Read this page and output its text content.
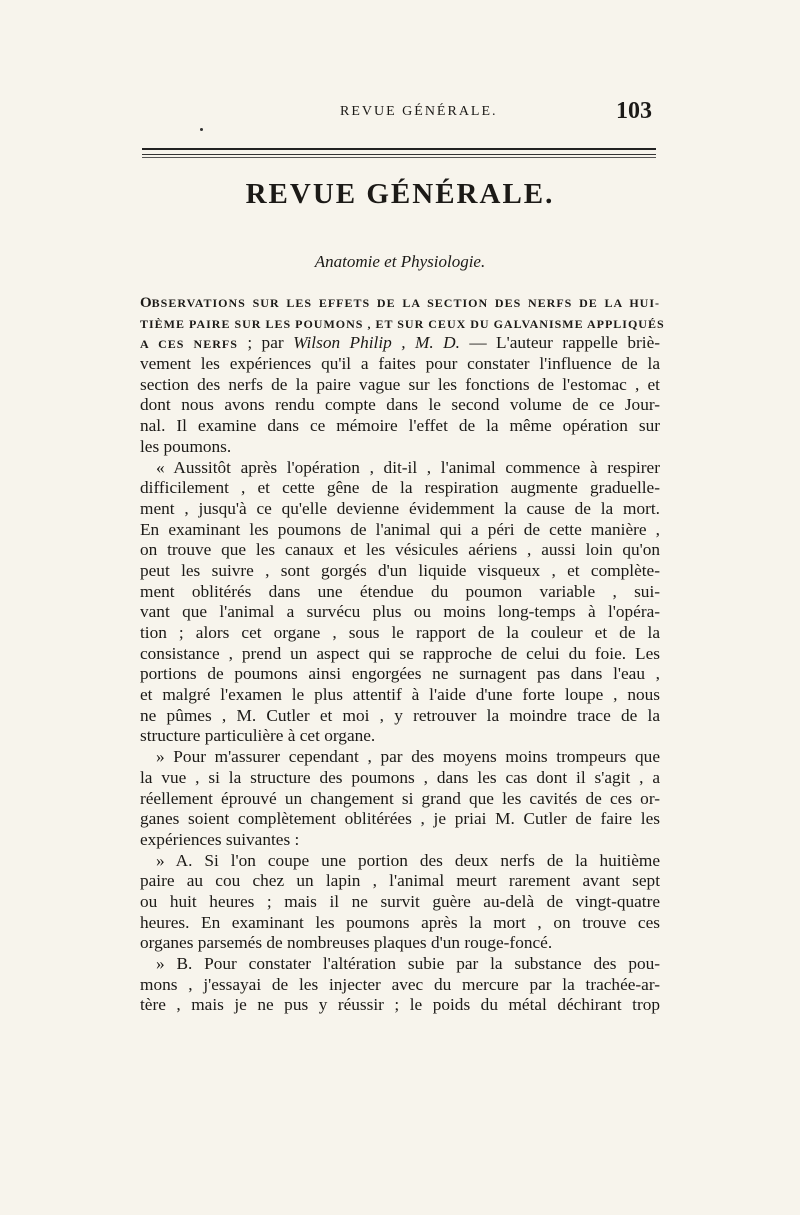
REVUE GÉNÉRALE.	103
REVUE GÉNÉRALE.
Anatomie et Physiologie.
OBSERVATIONS SUR LES EFFETS DE LA SECTION DES NERFS DE LA HUI-
TIÈME PAIRE SUR LES POUMONS , ET SUR CEUX DU GALVANISME APPLIQUÉS
A CES NERFS ; par Wilson Philip , M. D. — L'auteur rappelle briè-
vement les expériences qu'il a faites pour constater l'influence de la
section des nerfs de la paire vague sur les fonctions de l'estomac , et
dont nous avons rendu compte dans le second volume de ce Jour-
nal. Il examine dans ce mémoire l'effet de la même opération sur
les poumons.
« Aussitôt après l'opération , dit-il , l'animal commence à respirer
difficilement , et cette gêne de la respiration augmente graduelle-
ment , jusqu'à ce qu'elle devienne évidemment la cause de la mort.
En examinant les poumons de l'animal qui a péri de cette manière ,
on trouve que les canaux et les vésicules aériens , aussi loin qu'on
peut les suivre , sont gorgés d'un liquide visqueux , et complète-
ment oblitérés dans une étendue du poumon variable , sui-
vant que l'animal a survécu plus ou moins long-temps à l'opéra-
tion ; alors cet organe , sous le rapport de la couleur et de la
consistance , prend un aspect qui se rapproche de celui du foie. Les
portions de poumons ainsi engorgées ne surnagent pas dans l'eau ,
et malgré l'examen le plus attentif à l'aide d'une forte loupe , nous
ne pûmes , M. Cutler et moi , y retrouver la moindre trace de la
structure particulière à cet organe.
» Pour m'assurer cependant , par des moyens moins trompeurs que
la vue , si la structure des poumons , dans les cas dont il s'agit , a
réellement éprouvé un changement si grand que les cavités de ces or-
ganes soient complètement oblitérées , je priai M. Cutler de faire les
expériences suivantes :
» A. Si l'on coupe une portion des deux nerfs de la huitième
paire au cou chez un lapin , l'animal meurt rarement avant sept
ou huit heures ; mais il ne survit guère au-delà de vingt-quatre
heures. En examinant les poumons après la mort , on trouve ces
organes parsemés de nombreuses plaques d'un rouge-foncé.
» B. Pour constater l'altération subie par la substance des pou-
mons , j'essayai de les injecter avec du mercure par la trachée-ar-
tère , mais je ne pus y réussir ; le poids du métal déchirant trop
